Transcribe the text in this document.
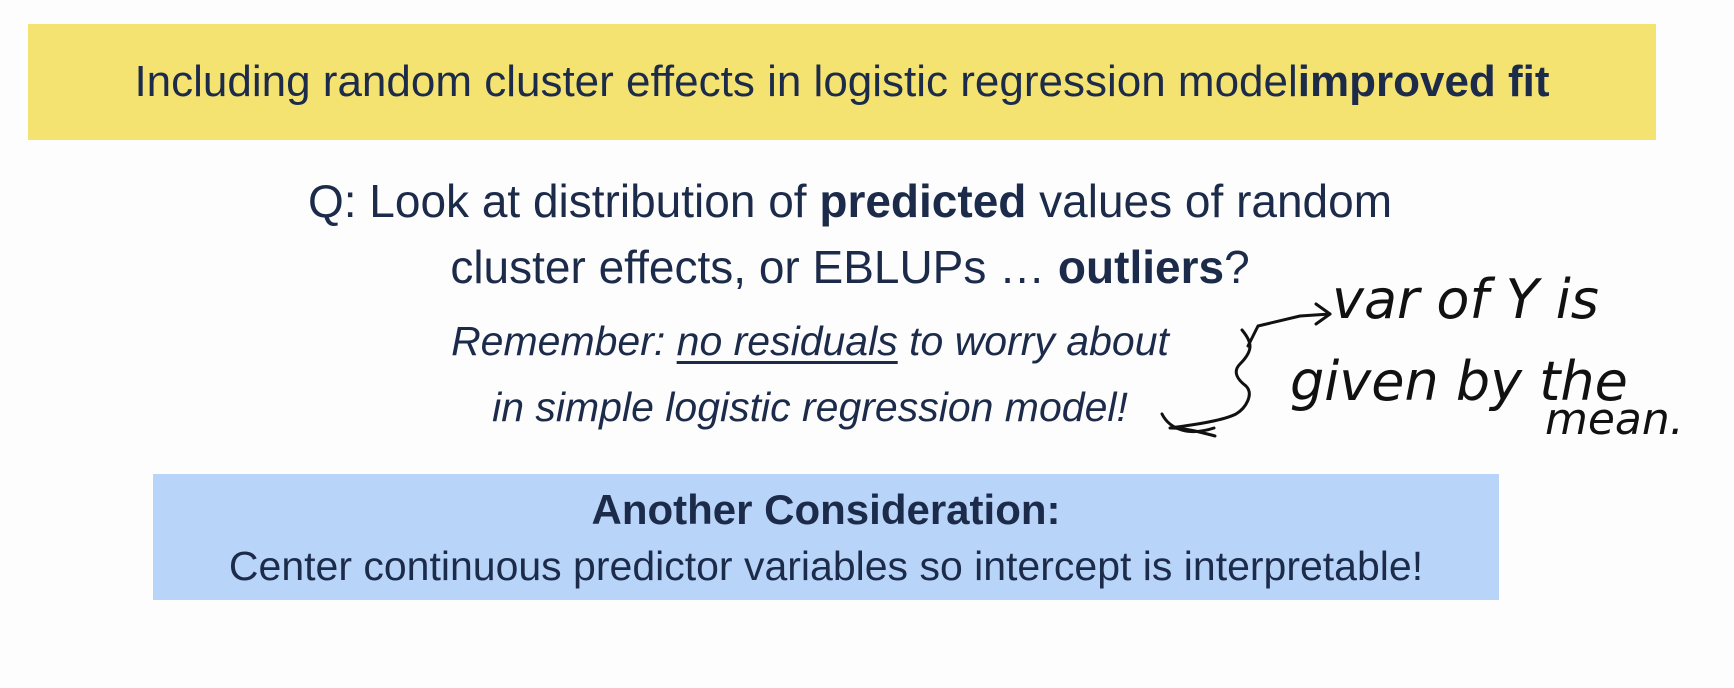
Including random cluster effects in logistic regression model improved fit
Q: Look at distribution of predicted values of random
cluster effects, or EBLUPs … outliers?
Remember: no residuals to worry about
in simple logistic regression model!
Another Consideration:
Center continuous predictor variables so intercept is interpretable!
var of Y is
given by the
mean.
